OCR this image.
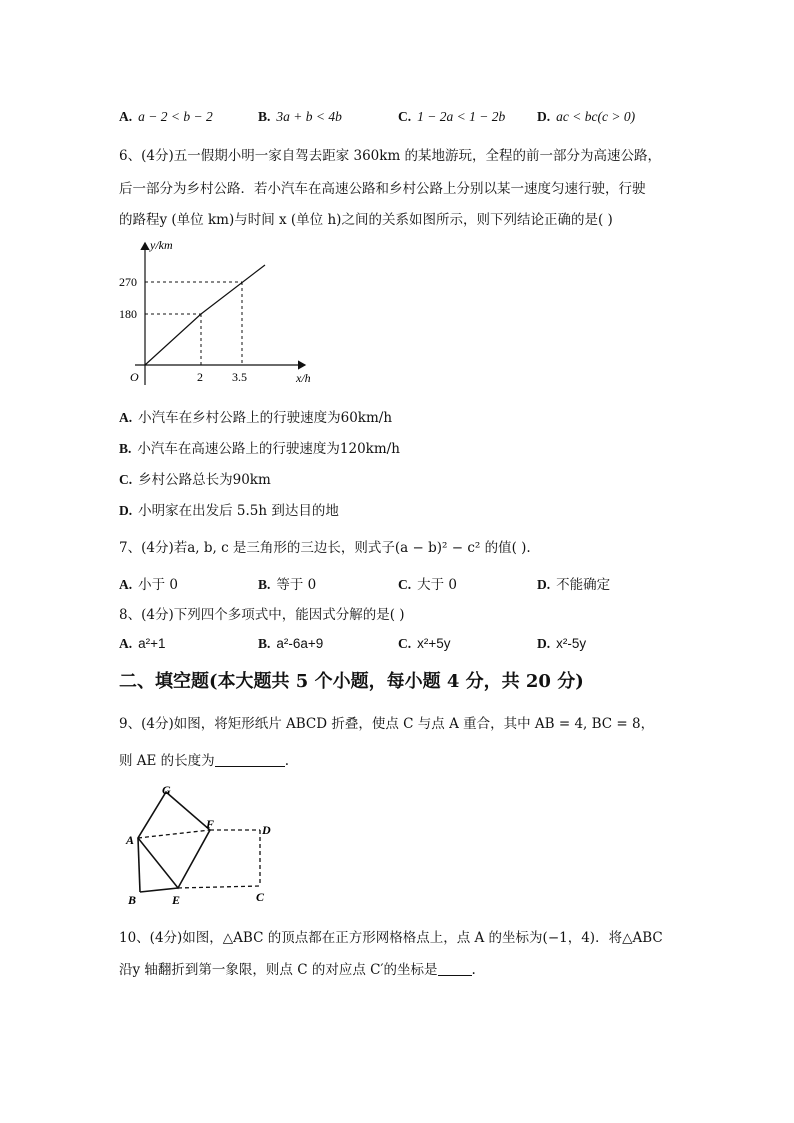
A. a − 2 < b − 2	B. 3a + b < 4b	C. 1 − 2a < 1 − 2b D. ac < bc(c > 0)
6、(4分)五一假期小明一家自驾去距家 360km 的某地游玩，全程的前一部分为高速公路，
后一部分为乡村公路．若小汽车在高速公路和乡村公路上分别以某一速度匀速行驶，行驶
的路程y (单位 km)与时间 x (单位 h)之间的关系如图所示，则下列结论正确的是( )
y/km
x/h
O
270
180
2 3.5
A. 小汽车在乡村公路上的行驶速度为60km/h
B. 小汽车在高速公路上的行驶速度为120km/h
C. 乡村公路总长为90km
D. 小明家在出发后 5.5h 到达目的地
7、(4分)若a, b, c 是三角形的三边长，则式子(a − b)² − c² 的值( ).
A. 小于 0	B. 等于 0	C. 大于 0	D. 不能确定
8、(4分)下列四个多项式中，能因式分解的是( )
A. a²+1	B. a²-6a+9	C. x²+5y	D. x²-5y
二、填空题(本大题共 5 个小题，每小题 4 分，共 20 分)
9、(4分)如图，将矩形纸片 ABCD 折叠，使点 C 与点 A 重合，其中 AB = 4, BC = 8，
则 AE 的长度为	.
G
A
F	D
B	E	C
10、(4分)如图，△ABC 的顶点都在正方形网格格点上，点 A 的坐标为(−1，4)．将△ABC
沿y 轴翻折到第一象限，则点 C 的对应点 C′的坐标是	.
